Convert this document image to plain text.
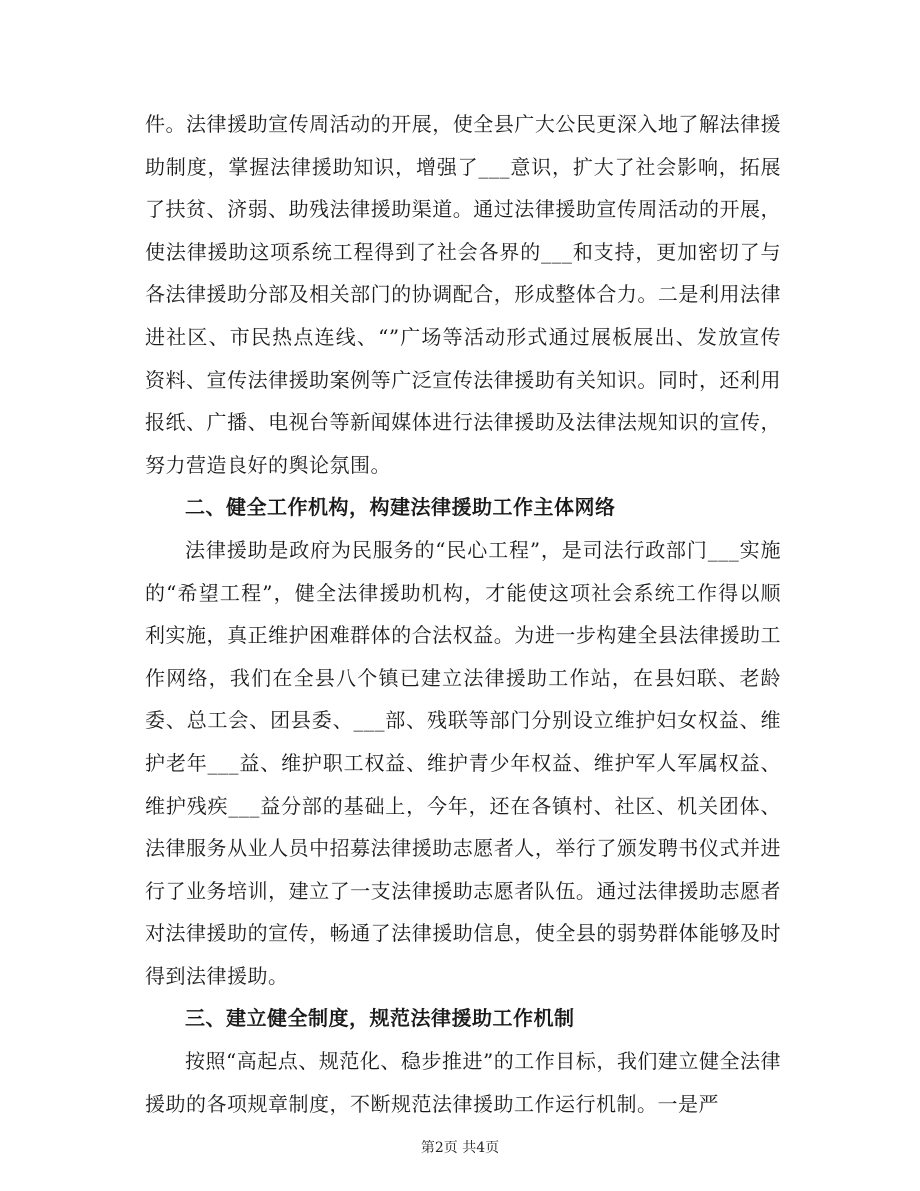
件。法律援助宣传周活动的开展，使全县广大公民更深入地了解法律援助制度，掌握法律援助知识，增强了___意识，扩大了社会影响，拓展了扶贫、济弱、助残法律援助渠道。通过法律援助宣传周活动的开展，使法律援助这项系统工程得到了社会各界的___和支持，更加密切了与各法律援助分部及相关部门的协调配合，形成整体合力。二是利用法律进社区、市民热点连线、“”广场等活动形式通过展板展出、发放宣传资料、宣传法律援助案例等广泛宣传法律援助有关知识。同时，还利用报纸、广播、电视台等新闻媒体进行法律援助及法律法规知识的宣传，努力营造良好的舆论氛围。

二、健全工作机构，构建法律援助工作主体网络

法律援助是政府为民服务的“民心工程”，是司法行政部门___实施的“希望工程”，健全法律援助机构，才能使这项社会系统工作得以顺利实施，真正维护困难群体的合法权益。为进一步构建全县法律援助工作网络，我们在全县八个镇已建立法律援助工作站，在县妇联、老龄委、总工会、团县委、___部、残联等部门分别设立维护妇女权益、维护老年___益、维护职工权益、维护青少年权益、维护军人军属权益、维护残疾___益分部的基础上，今年，还在各镇村、社区、机关团体、法律服务从业人员中招募法律援助志愿者人，举行了颁发聘书仪式并进行了业务培训，建立了一支法律援助志愿者队伍。通过法律援助志愿者对法律援助的宣传，畅通了法律援助信息，使全县的弱势群体能够及时得到法律援助。

三、建立健全制度，规范法律援助工作机制

按照“高起点、规范化、稳步推进”的工作目标，我们建立健全法律援助的各项规章制度，不断规范法律援助工作运行机制。一是严

第2页 共4页
